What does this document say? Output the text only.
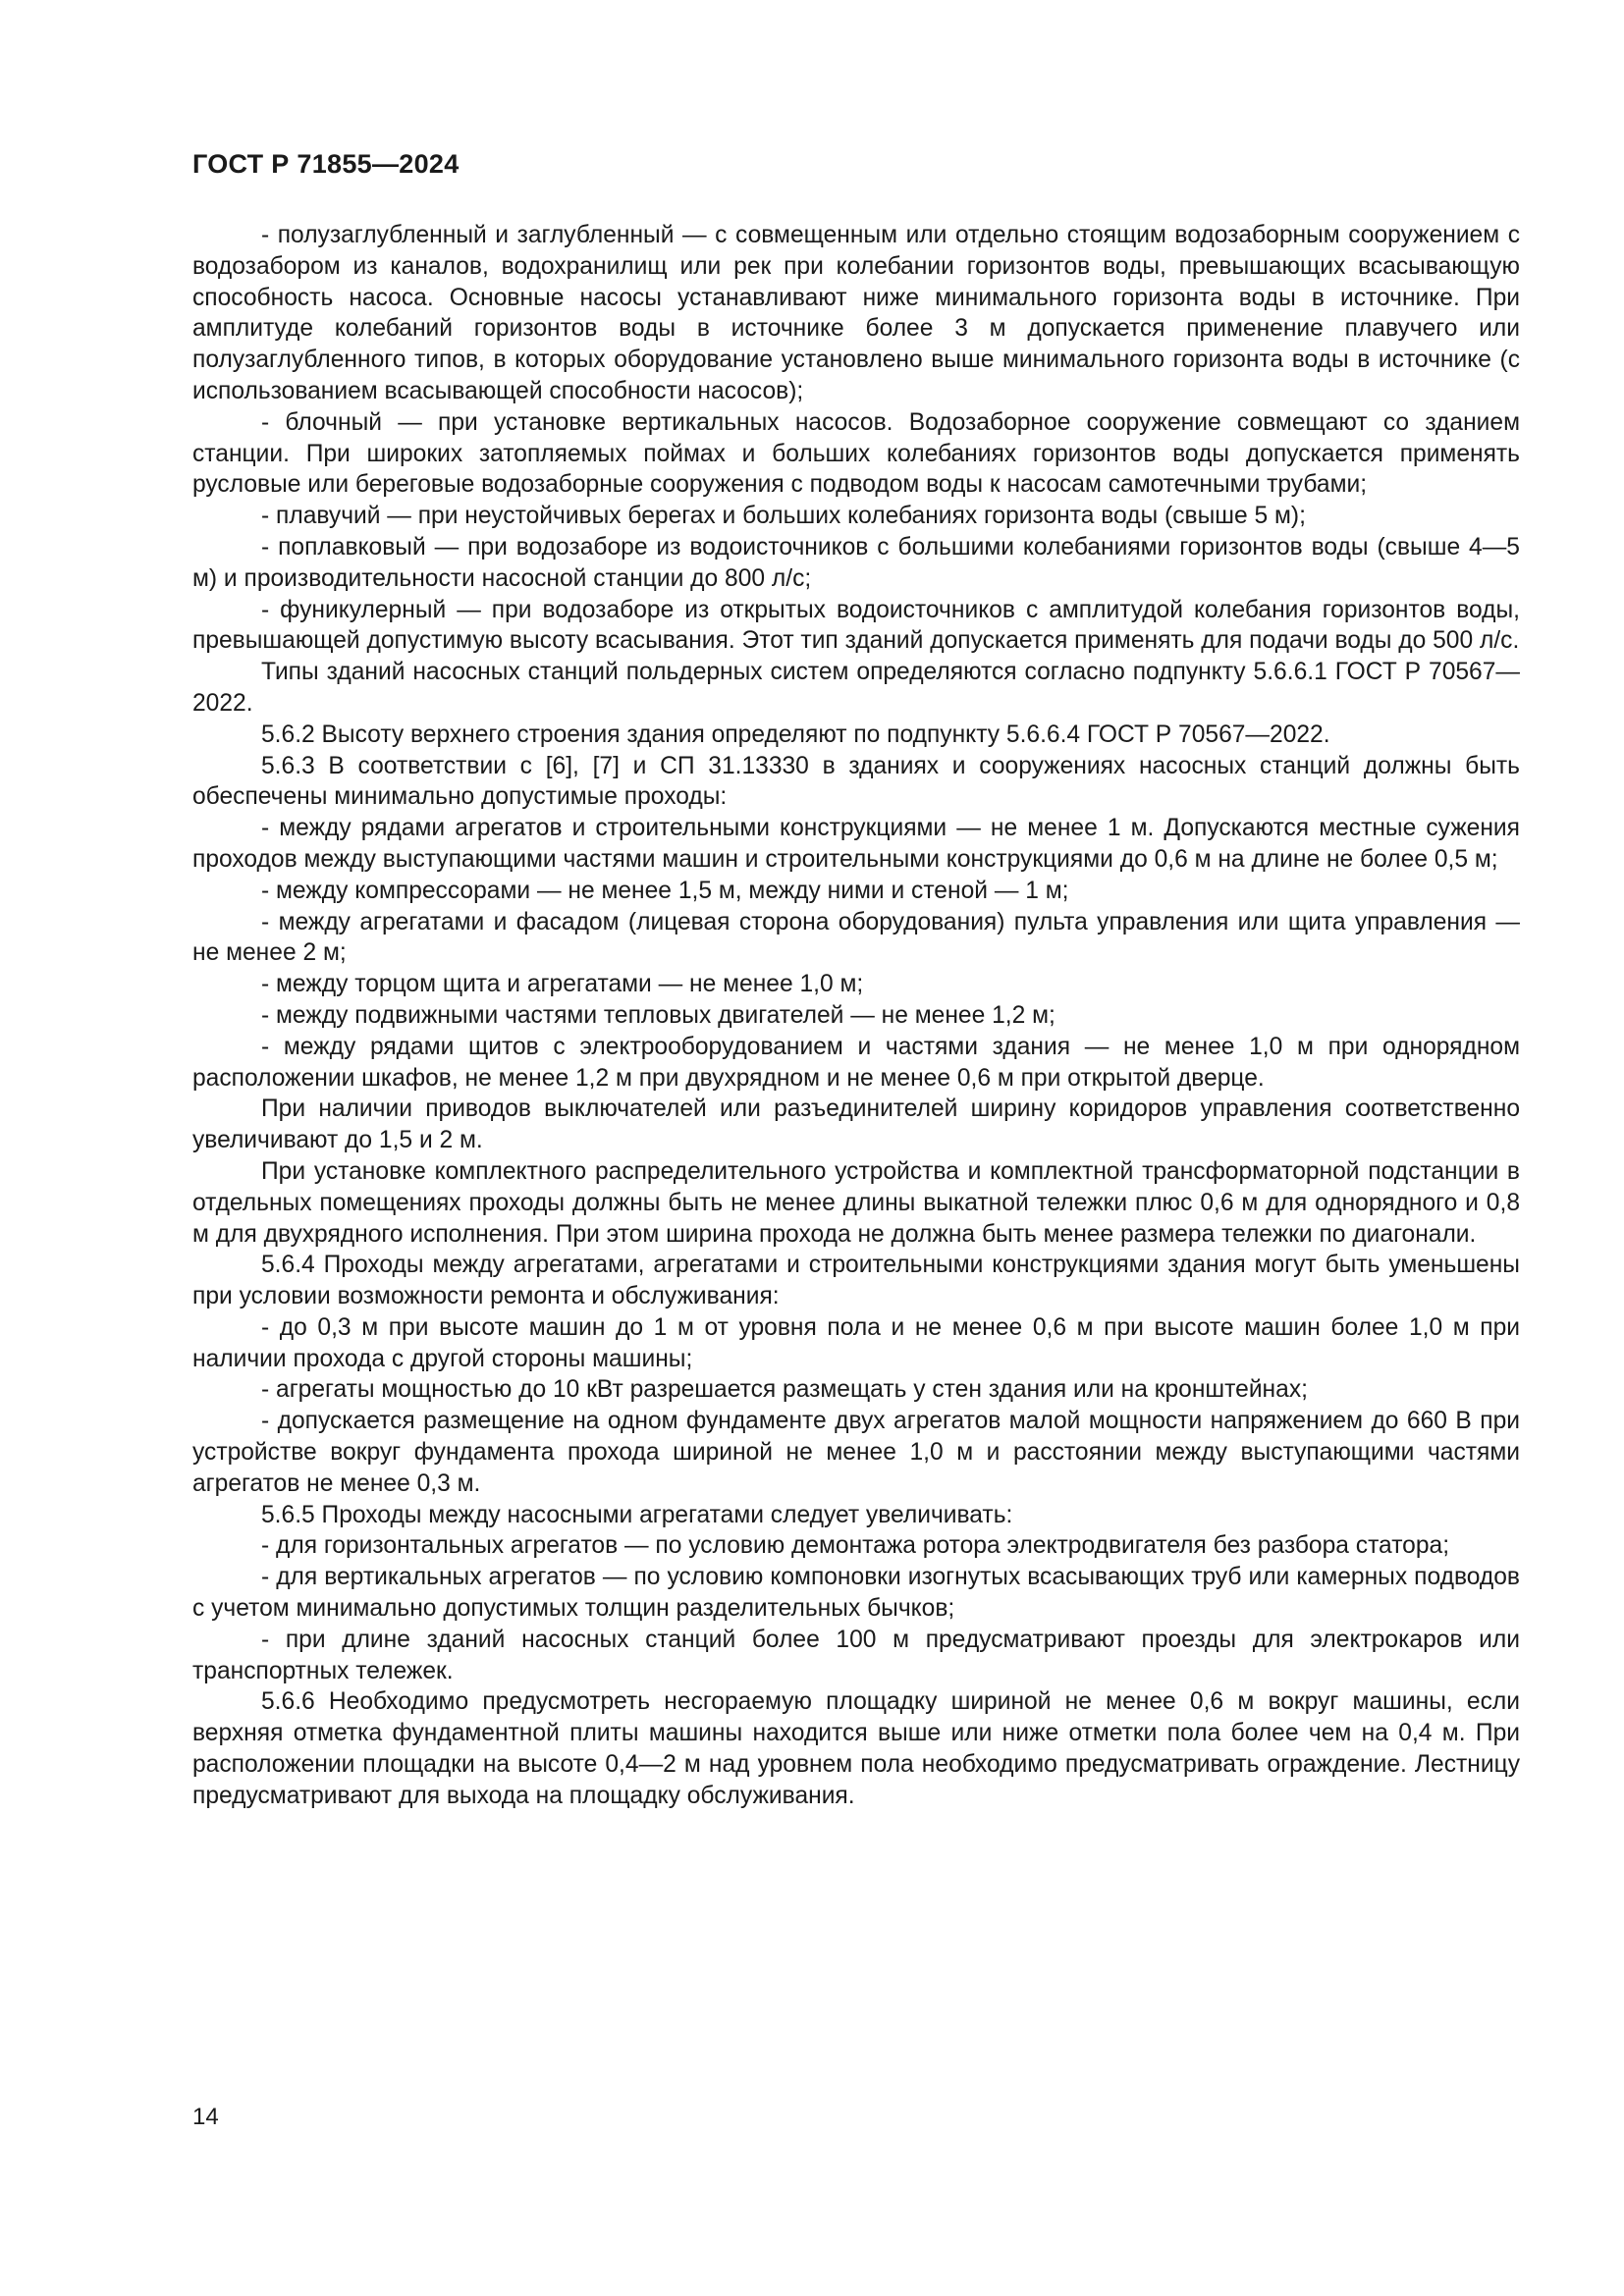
ГОСТ Р 71855—2024

- полузаглубленный и заглубленный — с совмещенным или отдельно стоящим водозаборным сооружением с водозабором из каналов, водохранилищ или рек при колебании горизонтов воды, превышающих всасывающую способность насоса. Основные насосы устанавливают ниже минимального горизонта воды в источнике. При амплитуде колебаний горизонтов воды в источнике более 3 м допускается применение плавучего или полузаглубленного типов, в которых оборудование установлено выше минимального горизонта воды в источнике (с использованием всасывающей способности насосов);

- блочный — при установке вертикальных насосов. Водозаборное сооружение совмещают со зданием станции. При широких затопляемых поймах и больших колебаниях горизонтов воды допускается применять русловые или береговые водозаборные сооружения с подводом воды к насосам самотечными трубами;

- плавучий — при неустойчивых берегах и больших колебаниях горизонта воды (свыше 5 м);

- поплавковый — при водозаборе из водоисточников с большими колебаниями горизонтов воды (свыше 4—5 м) и производительности насосной станции до 800 л/с;

- фуникулерный — при водозаборе из открытых водоисточников с амплитудой колебания горизонтов воды, превышающей допустимую высоту всасывания. Этот тип зданий допускается применять для подачи воды до 500 л/с.

Типы зданий насосных станций польдерных систем определяются согласно подпункту 5.6.6.1 ГОСТ Р 70567—2022.

5.6.2 Высоту верхнего строения здания определяют по подпункту 5.6.6.4 ГОСТ Р 70567—2022.

5.6.3 В соответствии с [6], [7] и СП 31.13330 в зданиях и сооружениях насосных станций должны быть обеспечены минимально допустимые проходы:

- между рядами агрегатов и строительными конструкциями — не менее 1 м. Допускаются местные сужения проходов между выступающими частями машин и строительными конструкциями до 0,6 м на длине не более 0,5 м;

- между компрессорами — не менее 1,5 м, между ними и стеной — 1 м;

- между агрегатами и фасадом (лицевая сторона оборудования) пульта управления или щита управления — не менее 2 м;

- между торцом щита и агрегатами — не менее 1,0 м;

- между подвижными частями тепловых двигателей — не менее 1,2 м;

- между рядами щитов с электрооборудованием и частями здания — не менее 1,0 м при однорядном расположении шкафов, не менее 1,2 м при двухрядном и не менее 0,6 м при открытой дверце.

При наличии приводов выключателей или разъединителей ширину коридоров управления соответственно увеличивают до 1,5 и 2 м.

При установке комплектного распределительного устройства и комплектной трансформаторной подстанции в отдельных помещениях проходы должны быть не менее длины выкатной тележки плюс 0,6 м для однорядного и 0,8 м для двухрядного исполнения. При этом ширина прохода не должна быть менее размера тележки по диагонали.

5.6.4 Проходы между агрегатами, агрегатами и строительными конструкциями здания могут быть уменьшены при условии возможности ремонта и обслуживания:

- до 0,3 м при высоте машин до 1 м от уровня пола и не менее 0,6 м при высоте машин более 1,0 м при наличии прохода с другой стороны машины;

- агрегаты мощностью до 10 кВт разрешается размещать у стен здания или на кронштейнах;

- допускается размещение на одном фундаменте двух агрегатов малой мощности напряжением до 660 В при устройстве вокруг фундамента прохода шириной не менее 1,0 м и расстоянии между выступающими частями агрегатов не менее 0,3 м.

5.6.5 Проходы между насосными агрегатами следует увеличивать:

- для горизонтальных агрегатов — по условию демонтажа ротора электродвигателя без разбора статора;

- для вертикальных агрегатов — по условию компоновки изогнутых всасывающих труб или камерных подводов с учетом минимально допустимых толщин разделительных бычков;

- при длине зданий насосных станций более 100 м предусматривают проезды для электрокаров или транспортных тележек.

5.6.6 Необходимо предусмотреть несгораемую площадку шириной не менее 0,6 м вокруг машины, если верхняя отметка фундаментной плиты машины находится выше или ниже отметки пола более чем на 0,4 м. При расположении площадки на высоте 0,4—2 м над уровнем пола необходимо предусматривать ограждение. Лестницу предусматривают для выхода на площадку обслуживания.

14
